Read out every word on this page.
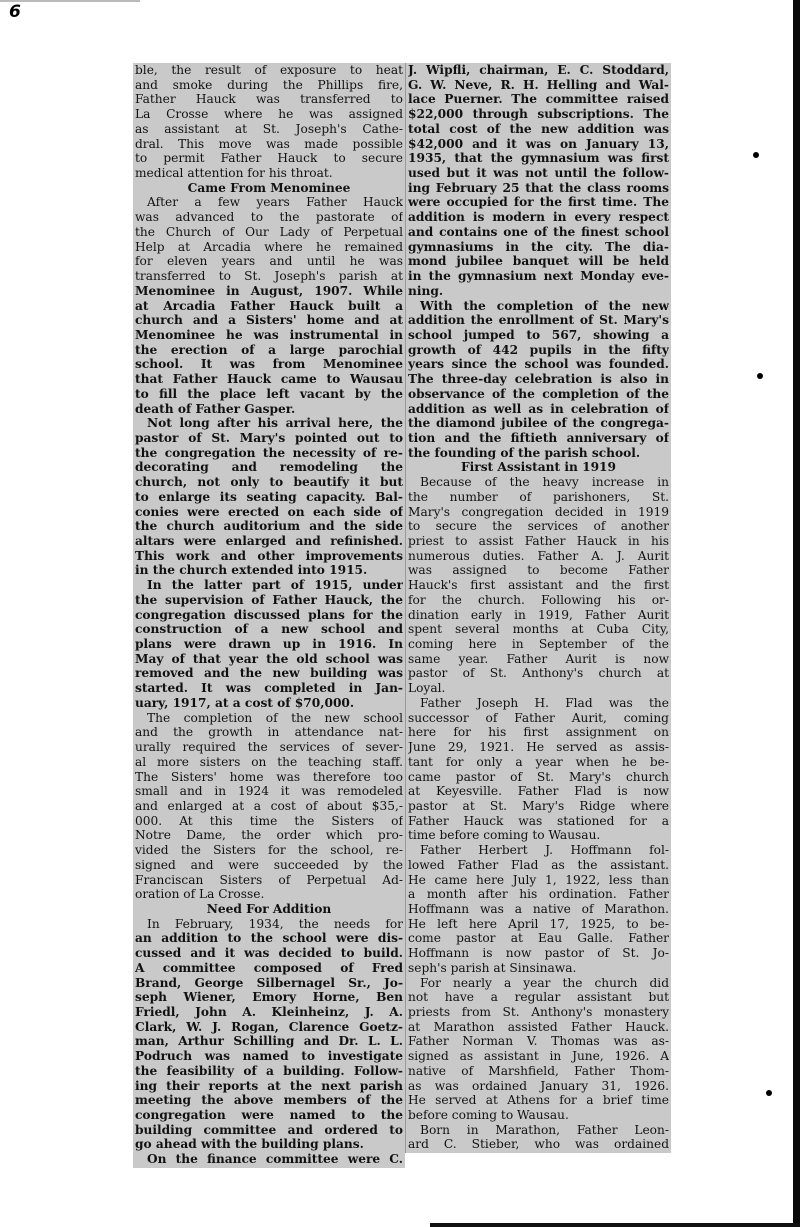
6
ble, the result of exposure to heat
and smoke during the Phillips fire,
Father Hauck was transferred to
La Crosse where he was assigned
as assistant at St. Joseph's Cathe-
dral. This move was made possible
to permit Father Hauck to secure
medical attention for his throat.
Came From Menominee
After a few years Father Hauck
was advanced to the pastorate of
the Church of Our Lady of Perpetual
Help at Arcadia where he remained
for eleven years and until he was
transferred to St. Joseph's parish at
Menominee in August, 1907. While
at Arcadia Father Hauck built a
church and a Sisters' home and at
Menominee he was instrumental in
the erection of a large parochial
school. It was from Menominee
that Father Hauck came to Wausau
to fill the place left vacant by the
death of Father Gasper.
Not long after his arrival here, the
pastor of St. Mary's pointed out to
the congregation the necessity of re-
decorating and remodeling the
church, not only to beautify it but
to enlarge its seating capacity. Bal-
conies were erected on each side of
the church auditorium and the side
altars were enlarged and refinished.
This work and other improvements
in the church extended into 1915.
In the latter part of 1915, under
the supervision of Father Hauck, the
congregation discussed plans for the
construction of a new school and
plans were drawn up in 1916. In
May of that year the old school was
removed and the new building was
started. It was completed in Jan-
uary, 1917, at a cost of $70,000.
The completion of the new school
and the growth in attendance nat-
urally required the services of sever-
al more sisters on the teaching staff.
The Sisters' home was therefore too
small and in 1924 it was remodeled
and enlarged at a cost of about $35,-
000. At this time the Sisters of
Notre Dame, the order which pro-
vided the Sisters for the school, re-
signed and were succeeded by the
Franciscan Sisters of Perpetual Ad-
oration of La Crosse.
Need For Addition
In February, 1934, the needs for
an addition to the school were dis-
cussed and it was decided to build.
A committee composed of Fred
Brand, George Silbernagel Sr., Jo-
seph Wiener, Emory Horne, Ben
Friedl, John A. Kleinheinz, J. A.
Clark, W. J. Rogan, Clarence Goetz-
man, Arthur Schilling and Dr. L. L.
Podruch was named to investigate
the feasibility of a building. Follow-
ing their reports at the next parish
meeting the above members of the
congregation were named to the
building committee and ordered to
go ahead with the building plans.
On the finance committee were C.
J. Wipfli, chairman, E. C. Stoddard,
G. W. Neve, R. H. Helling and Wal-
lace Puerner. The committee raised
$22,000 through subscriptions. The
total cost of the new addition was
$42,000 and it was on January 13,
1935, that the gymnasium was first
used but it was not until the follow-
ing February 25 that the class rooms
were occupied for the first time. The
addition is modern in every respect
and contains one of the finest school
gymnasiums in the city. The dia-
mond jubilee banquet will be held
in the gymnasium next Monday eve-
ning.
With the completion of the new
addition the enrollment of St. Mary's
school jumped to 567, showing a
growth of 442 pupils in the fifty
years since the school was founded.
The three-day celebration is also in
observance of the completion of the
addition as well as in celebration of
the diamond jubilee of the congrega-
tion and the fiftieth anniversary of
the founding of the parish school.
First Assistant in 1919
Because of the heavy increase in
the number of parishoners, St.
Mary's congregation decided in 1919
to secure the services of another
priest to assist Father Hauck in his
numerous duties. Father A. J. Aurit
was assigned to become Father
Hauck's first assistant and the first
for the church. Following his or-
dination early in 1919, Father Aurit
spent several months at Cuba City,
coming here in September of the
same year. Father Aurit is now
pastor of St. Anthony's church at
Loyal.
Father Joseph H. Flad was the
successor of Father Aurit, coming
here for his first assignment on
June 29, 1921. He served as assis-
tant for only a year when he be-
came pastor of St. Mary's church
at Keyesville. Father Flad is now
pastor at St. Mary's Ridge where
Father Hauck was stationed for a
time before coming to Wausau.
Father Herbert J. Hoffmann fol-
lowed Father Flad as the assistant.
He came here July 1, 1922, less than
a month after his ordination. Father
Hoffmann was a native of Marathon.
He left here April 17, 1925, to be-
come pastor at Eau Galle. Father
Hoffmann is now pastor of St. Jo-
seph's parish at Sinsinawa.
For nearly a year the church did
not have a regular assistant but
priests from St. Anthony's monastery
at Marathon assisted Father Hauck.
Father Norman V. Thomas was as-
signed as assistant in June, 1926. A
native of Marshfield, Father Thom-
as was ordained January 31, 1926.
He served at Athens for a brief time
before coming to Wausau.
Born in Marathon, Father Leon-
ard C. Stieber, who was ordained
